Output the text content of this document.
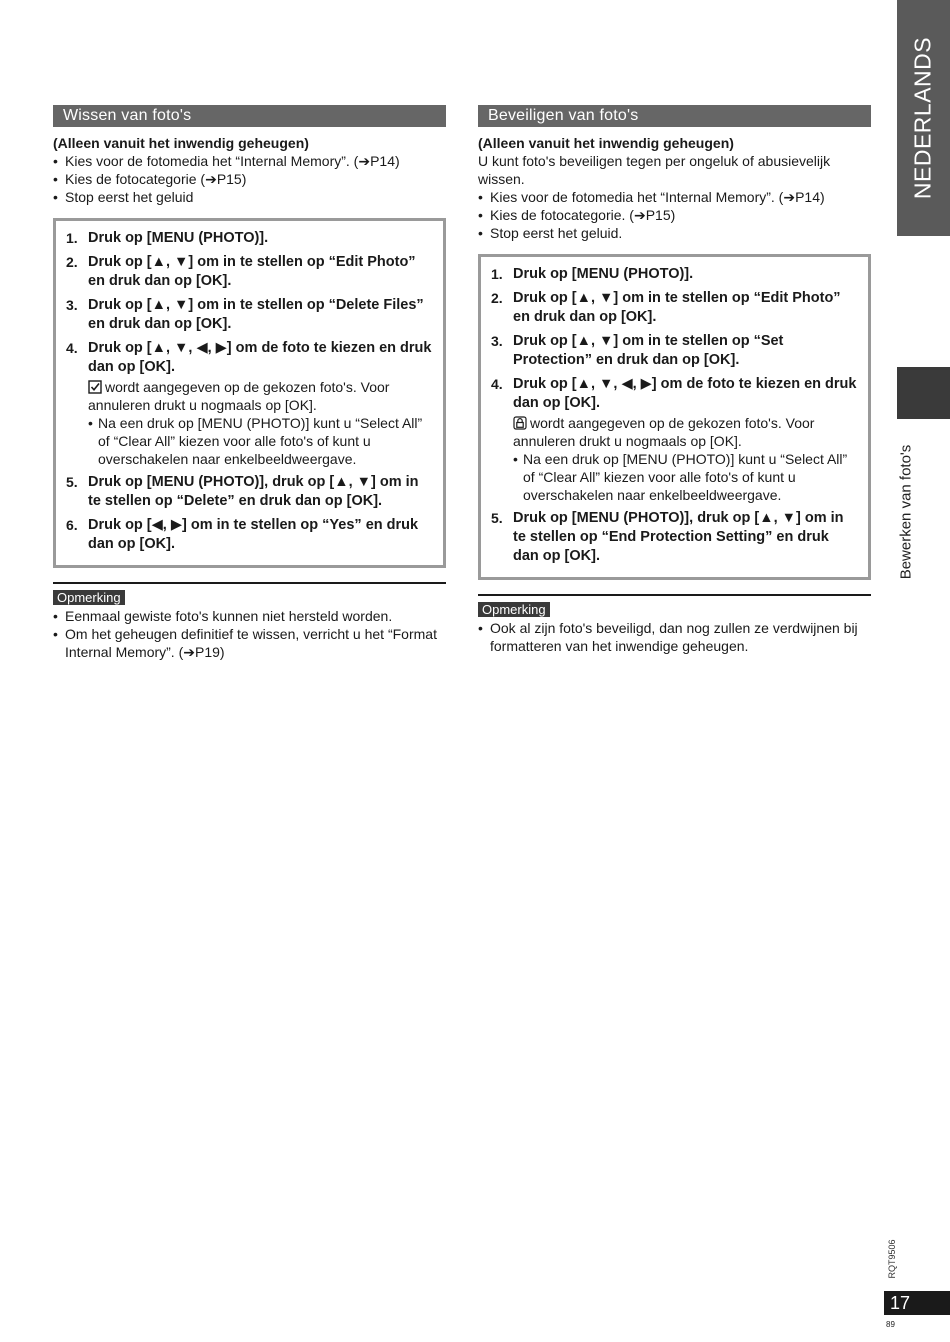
Wissen van foto's
(Alleen vanuit het inwendig geheugen)
• Kies voor de fotomedia het “Internal Memory”. (➔P14)
• Kies de fotocategorie (➔P15)
• Stop eerst het geluid
1. Druk op [MENU (PHOTO)].
2. Druk op [▲, ▼] om in te stellen op “Edit Photo” en druk dan op [OK].
3. Druk op [▲, ▼] om in te stellen op “Delete Files” en druk dan op [OK].
4. Druk op [▲, ▼, ◀, ▶] om de foto te kiezen en druk dan op [OK].
wordt aangegeven op de gekozen foto's. Voor annuleren drukt u nogmaals op [OK].
• Na een druk op [MENU (PHOTO)] kunt u “Select All” of “Clear All” kiezen voor alle foto's of kunt u overschakelen naar enkelbeeldweergave.
5. Druk op [MENU (PHOTO)], druk op [▲, ▼] om in te stellen op “Delete” en druk dan op [OK].
6. Druk op [◀, ▶] om in te stellen op “Yes” en druk dan op [OK].
Opmerking
• Eenmaal gewiste foto's kunnen niet hersteld worden.
• Om het geheugen definitief te wissen, verricht u het “Format Internal Memory”. (➔P19)
Beveiligen van foto's
(Alleen vanuit het inwendig geheugen)
U kunt foto's beveiligen tegen per ongeluk of abusievelijk wissen.
• Kies voor de fotomedia het “Internal Memory”. (➔P14)
• Kies de fotocategorie. (➔P15)
• Stop eerst het geluid.
1. Druk op [MENU (PHOTO)].
2. Druk op [▲, ▼] om in te stellen op “Edit Photo” en druk dan op [OK].
3. Druk op [▲, ▼] om in te stellen op “Set Protection” en druk dan op [OK].
4. Druk op [▲, ▼, ◀, ▶] om de foto te kiezen en druk dan op [OK].
wordt aangegeven op de gekozen foto's. Voor annuleren drukt u nogmaals op [OK].
• Na een druk op [MENU (PHOTO)] kunt u “Select All” of “Clear All” kiezen voor alle foto's of kunt u overschakelen naar enkelbeeldweergave.
5. Druk op [MENU (PHOTO)], druk op [▲, ▼] om in te stellen op “End Protection Setting” en druk dan op [OK].
Opmerking
• Ook al zijn foto's beveiligd, dan nog zullen ze verdwijnen bij formatteren van het inwendige geheugen.
NEDERLANDS
Bewerken van foto's
RQT9506
17
89
